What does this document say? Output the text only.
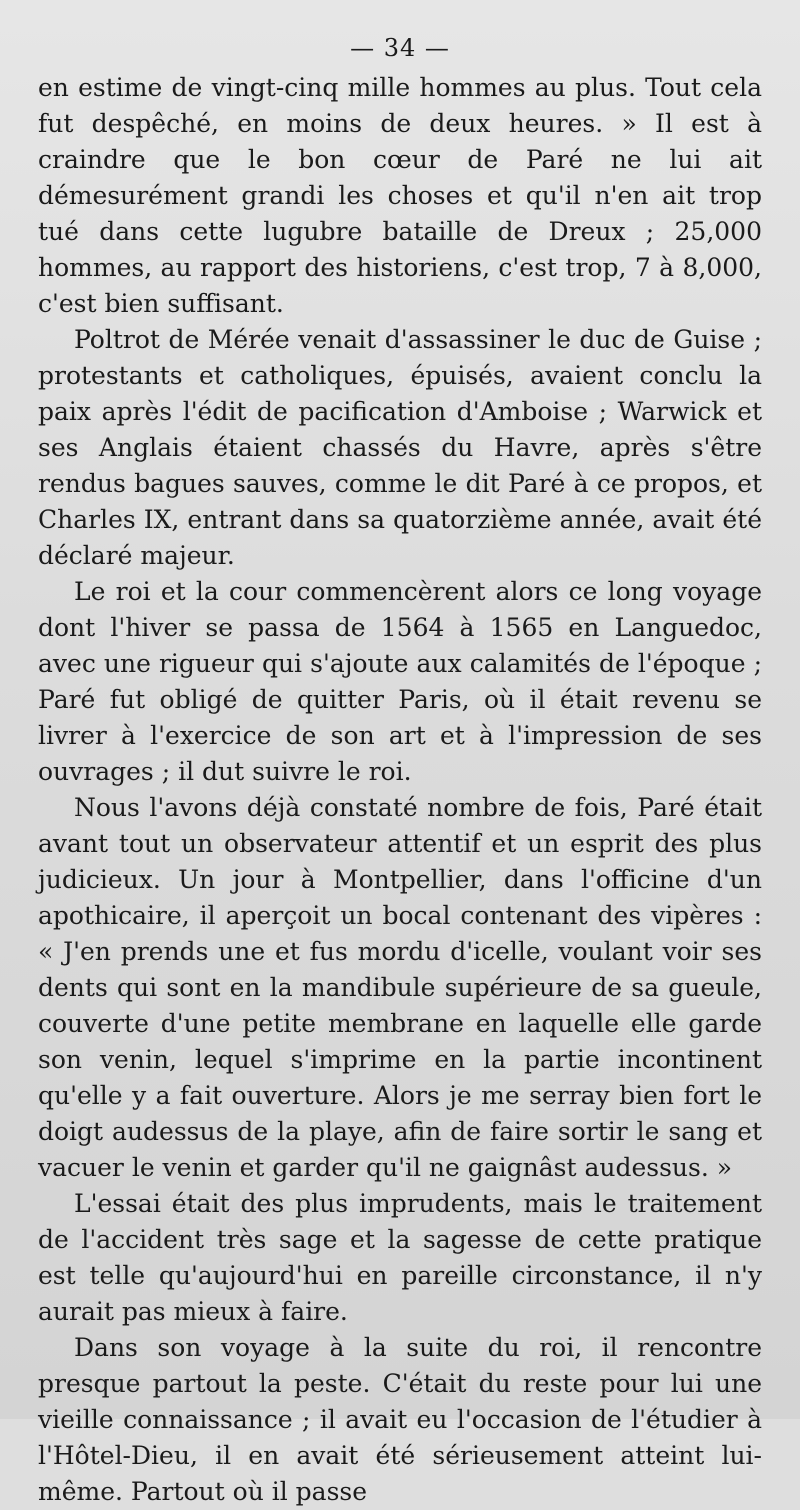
— 34 —

en estime de vingt-cinq mille hommes au plus. Tout cela fut despêché, en moins de deux heures. » Il est à craindre que le bon cœur de Paré ne lui ait démesurément grandi les choses et qu'il n'en ait trop tué dans cette lugubre bataille de Dreux ; 25,000 hommes, au rapport des historiens, c'est trop, 7 à 8,000, c'est bien suffisant.

Poltrot de Mérée venait d'assassiner le duc de Guise ; protestants et catholiques, épuisés, avaient conclu la paix après l'édit de pacification d'Amboise ; Warwick et ses Anglais étaient chassés du Havre, après s'être rendus bagues sauves, comme le dit Paré à ce propos, et Charles IX, entrant dans sa quatorzième année, avait été déclaré majeur.

Le roi et la cour commencèrent alors ce long voyage dont l'hiver se passa de 1564 à 1565 en Languedoc, avec une rigueur qui s'ajoute aux calamités de l'époque ; Paré fut obligé de quitter Paris, où il était revenu se livrer à l'exercice de son art et à l'impression de ses ouvrages ; il dut suivre le roi.

Nous l'avons déjà constaté nombre de fois, Paré était avant tout un observateur attentif et un esprit des plus judicieux. Un jour à Montpellier, dans l'officine d'un apothicaire, il aperçoit un bocal contenant des vipères : « J'en prends une et fus mordu d'icelle, voulant voir ses dents qui sont en la mandibule supérieure de sa gueule, couverte d'une petite membrane en laquelle elle garde son venin, lequel s'imprime en la partie incontinent qu'elle y a fait ouverture. Alors je me serray bien fort le doigt audessus de la playe, afin de faire sortir le sang et vacuer le venin et garder qu'il ne gaignâst audessus. »

L'essai était des plus imprudents, mais le traitement de l'accident très sage et la sagesse de cette pratique est telle qu'aujourd'hui en pareille circonstance, il n'y aurait pas mieux à faire.

Dans son voyage à la suite du roi, il rencontre presque partout la peste. C'était du reste pour lui une vieille connaissance ; il avait eu l'occasion de l'étudier à l'Hôtel-Dieu, il en avait été sérieusement atteint lui-même. Partout où il passe
